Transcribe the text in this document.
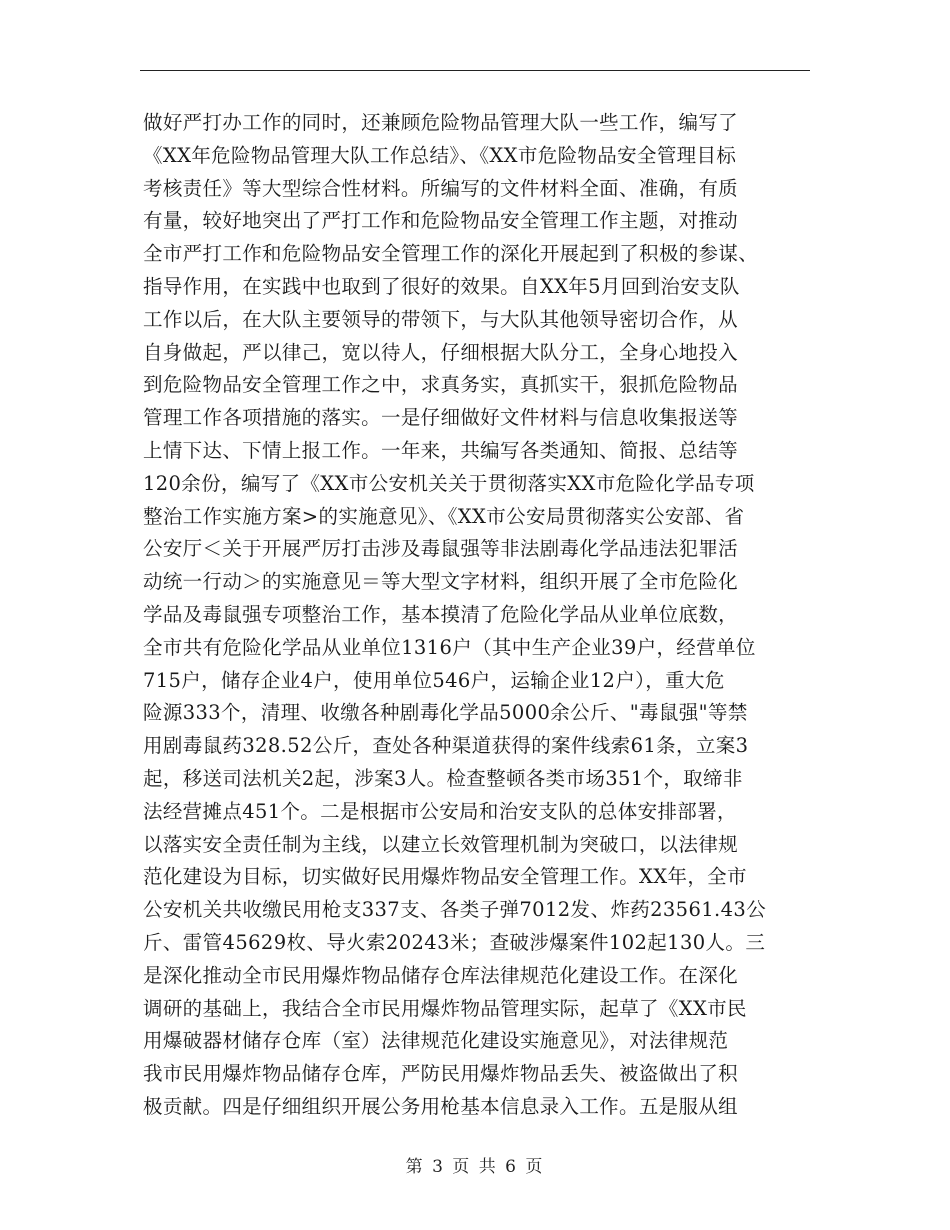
做好严打办工作的同时，还兼顾危险物品管理大队一些工作，编写了
《XX年危险物品管理大队工作总结》、《XX市危险物品安全管理目标
考核责任》等大型综合性材料。所编写的文件材料全面、准确，有质
有量，较好地突出了严打工作和危险物品安全管理工作主题，对推动
全市严打工作和危险物品安全管理工作的深化开展起到了积极的参谋、
指导作用，在实践中也取到了很好的效果。自XX年5月回到治安支队
工作以后，在大队主要领导的带领下，与大队其他领导密切合作，从
自身做起，严以律己，宽以待人，仔细根据大队分工，全身心地投入
到危险物品安全管理工作之中，求真务实，真抓实干，狠抓危险物品
管理工作各项措施的落实。一是仔细做好文件材料与信息收集报送等
上情下达、下情上报工作。一年来，共编写各类通知、简报、总结等
120余份，编写了《XX市公安机关关于贯彻落实XX市危险化学品专项
整治工作实施方案>的实施意见》、《XX市公安局贯彻落实公安部、省
公安厅＜关于开展严厉打击涉及毒鼠强等非法剧毒化学品违法犯罪活
动统一行动＞的实施意见＝等大型文字材料，组织开展了全市危险化
学品及毒鼠强专项整治工作，基本摸清了危险化学品从业单位底数，
全市共有危险化学品从业单位1316户（其中生产企业39户，经营单位
715户，储存企业4户，使用单位546户，运输企业12户），重大危
险源333个，清理、收缴各种剧毒化学品5000余公斤、"毒鼠强"等禁
用剧毒鼠药328.52公斤，查处各种渠道获得的案件线索61条，立案3
起，移送司法机关2起，涉案3人。检查整顿各类市场351个，取缔非
法经营摊点451个。二是根据市公安局和治安支队的总体安排部署，
以落实安全责任制为主线，以建立长效管理机制为突破口，以法律规
范化建设为目标，切实做好民用爆炸物品安全管理工作。XX年，全市
公安机关共收缴民用枪支337支、各类子弹7012发、炸药23561.43公
斤、雷管45629枚、导火索20243米；查破涉爆案件102起130人。三
是深化推动全市民用爆炸物品储存仓库法律规范化建设工作。在深化
调研的基础上，我结合全市民用爆炸物品管理实际，起草了《XX市民
用爆破器材储存仓库（室）法律规范化建设实施意见》，对法律规范
我市民用爆炸物品储存仓库，严防民用爆炸物品丢失、被盗做出了积
极贡献。四是仔细组织开展公务用枪基本信息录入工作。五是服从组
第 3 页 共 6 页
